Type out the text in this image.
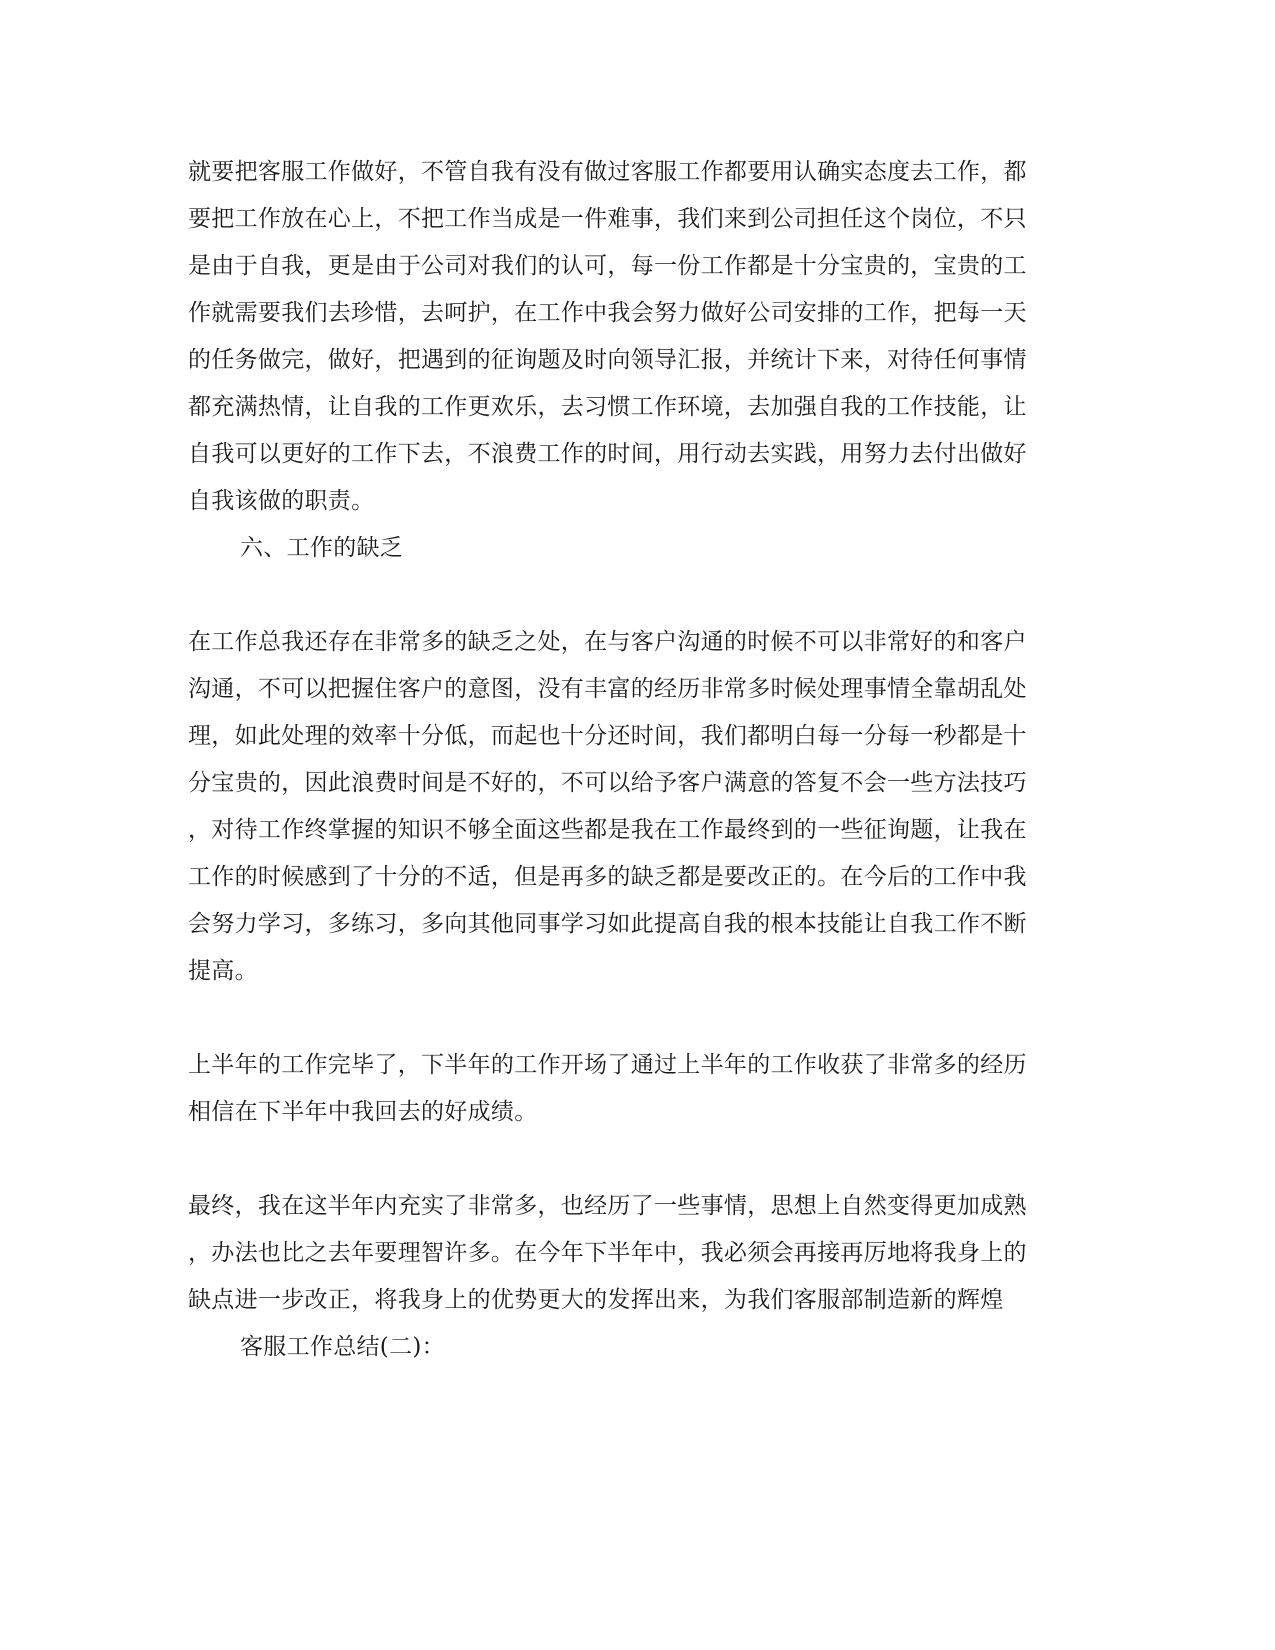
就要把客服工作做好，不管自我有没有做过客服工作都要用认确实态度去工作，都
要把工作放在心上，不把工作当成是一件难事，我们来到公司担任这个岗位，不只
是由于自我，更是由于公司对我们的认可，每一份工作都是十分宝贵的，宝贵的工
作就需要我们去珍惜，去呵护，在工作中我会努力做好公司安排的工作，把每一天
的任务做完，做好，把遇到的征询题及时向领导汇报，并统计下来，对待任何事情
都充满热情，让自我的工作更欢乐，去习惯工作环境，去加强自我的工作技能，让
自我可以更好的工作下去，不浪费工作的时间，用行动去实践，用努力去付出做好
自我该做的职责。
六、工作的缺乏
在工作总我还存在非常多的缺乏之处，在与客户沟通的时候不可以非常好的和客户
沟通，不可以把握住客户的意图，没有丰富的经历非常多时候处理事情全靠胡乱处
理，如此处理的效率十分低，而起也十分还时间，我们都明白每一分每一秒都是十
分宝贵的，因此浪费时间是不好的，不可以给予客户满意的答复不会一些方法技巧
，对待工作终掌握的知识不够全面这些都是我在工作最终到的一些征询题，让我在
工作的时候感到了十分的不适，但是再多的缺乏都是要改正的。在今后的工作中我
会努力学习，多练习，多向其他同事学习如此提高自我的根本技能让自我工作不断
提高。
上半年的工作完毕了，下半年的工作开场了通过上半年的工作收获了非常多的经历
相信在下半年中我回去的好成绩。
最终，我在这半年内充实了非常多，也经历了一些事情，思想上自然变得更加成熟
，办法也比之去年要理智许多。在今年下半年中，我必须会再接再厉地将我身上的
缺点进一步改正，将我身上的优势更大的发挥出来，为我们客服部制造新的辉煌
客服工作总结(二)：
